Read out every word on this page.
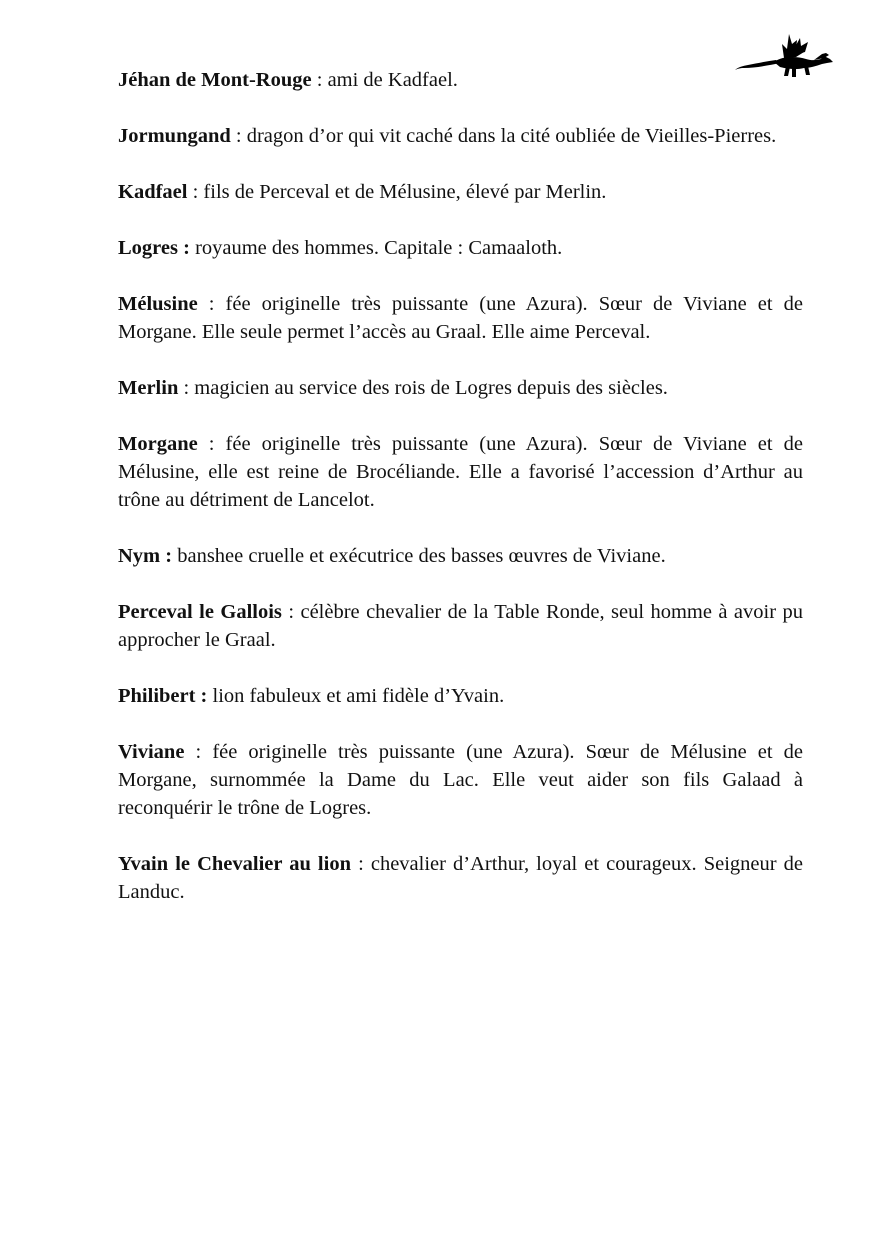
Jéhan de Mont-Rouge : ami de Kadfael.

Jormungand : dragon d’or qui vit caché dans la cité oubliée de Vieilles-Pierres.

Kadfael : fils de Perceval et de Mélusine, élevé par Merlin.

Logres : royaume des hommes. Capitale : Camaaloth.

Mélusine : fée originelle très puissante (une Azura). Sœur de Viviane et de Morgane. Elle seule permet l’accès au Graal. Elle aime Perceval.

Merlin : magicien au service des rois de Logres depuis des siècles.

Morgane : fée originelle très puissante (une Azura). Sœur de Viviane et de Mélusine, elle est reine de Brocéliande. Elle a favorisé l’accession d’Arthur au trône au détriment de Lancelot.

Nym : banshee cruelle et exécutrice des basses œuvres de Viviane.

Perceval le Gallois : célèbre chevalier de la Table Ronde, seul homme à avoir pu approcher le Graal.

Philibert : lion fabuleux et ami fidèle d’Yvain.

Viviane : fée originelle très puissante (une Azura). Sœur de Mélusine et de Morgane, surnommée la Dame du Lac. Elle veut aider son fils Galaad à reconquérir le trône de Logres.

Yvain le Chevalier au lion : chevalier d’Arthur, loyal et courageux. Seigneur de Landuc.
